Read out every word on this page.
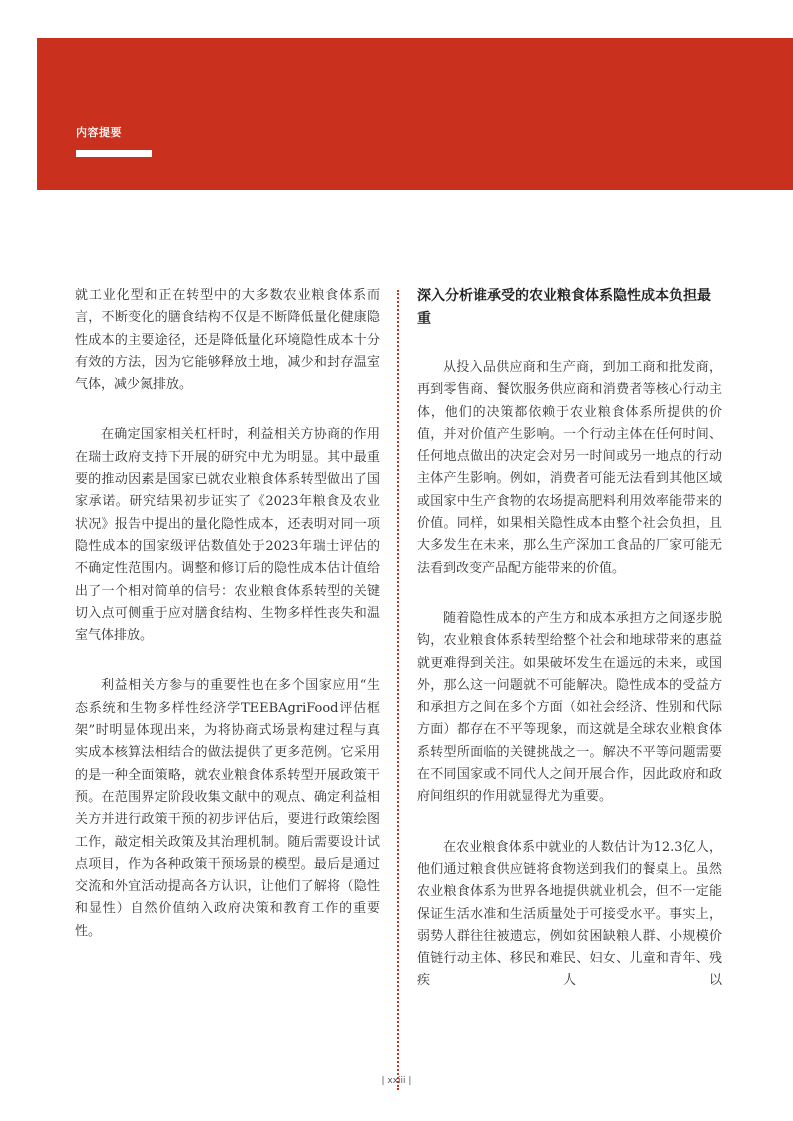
内容提要

就工业化型和正在转型中的大多数农业粮食体系而言，不断变化的膳食结构不仅是不断降低量化健康隐性成本的主要途径，还是降低量化环境隐性成本十分有效的方法，因为它能够释放土地，减少和封存温室气体，减少氮排放。

在确定国家相关杠杆时，利益相关方协商的作用在瑞士政府支持下开展的研究中尤为明显。其中最重要的推动因素是国家已就农业粮食体系转型做出了国家承诺。研究结果初步证实了《2023年粮食及农业状况》报告中提出的量化隐性成本，还表明对同一项隐性成本的国家级评估数值处于2023年瑞士评估的不确定性范围内。调整和修订后的隐性成本估计值给出了一个相对简单的信号：农业粮食体系转型的关键切入点可侧重于应对膳食结构、生物多样性丧失和温室气体排放。

利益相关方参与的重要性也在多个国家应用“生态系统和生物多样性经济学TEEBAgriFood评估框架”时明显体现出来，为将协商式场景构建过程与真实成本核算法相结合的做法提供了更多范例。它采用的是一种全面策略，就农业粮食体系转型开展政策干预。在范围界定阶段收集文献中的观点、确定利益相关方并进行政策干预的初步评估后，要进行政策绘图工作，敲定相关政策及其治理机制。随后需要设计试点项目，作为各种政策干预场景的模型。最后是通过交流和外宜活动提高各方认识，让他们了解将（隐性和显性）自然价值纳入政府决策和教育工作的重要性。

深入分析谁承受的农业粮食体系隐性成本负担最重

从投入品供应商和生产商，到加工商和批发商，再到零售商、餐饮服务供应商和消费者等核心行动主体，他们的决策都依赖于农业粮食体系所提供的价值，并对价值产生影响。一个行动主体在任何时间、任何地点做出的决定会对另一时间或另一地点的行动主体产生影响。例如，消费者可能无法看到其他区域或国家中生产食物的农场提高肥料利用效率能带来的价值。同样，如果相关隐性成本由整个社会负担，且大多发生在未来，那么生产深加工食品的厂家可能无法看到改变产品配方能带来的价值。

随着隐性成本的产生方和成本承担方之间逐步脱钩，农业粮食体系转型给整个社会和地球带来的惠益就更难得到关注。如果破坏发生在遥远的未来，或国外，那么这一问题就不可能解决。隐性成本的受益方和承担方之间在多个方面（如社会经济、性别和代际方面）都存在不平等现象，而这就是全球农业粮食体系转型所面临的关键挑战之一。解决不平等问题需要在不同国家或不同代人之间开展合作，因此政府和政府间组织的作用就显得尤为重要。

在农业粮食体系中就业的人数估计为12.3亿人，他们通过粮食供应链将食物送到我们的餐桌上。虽然农业粮食体系为世界各地提供就业机会，但不一定能保证生活水准和生活质量处于可接受水平。事实上，弱势人群往往被遗忘，例如贫困缺粮人群、小规模价值链行动主体、移民和难民、妇女、儿童和青年、残疾人以

| xxiii |
